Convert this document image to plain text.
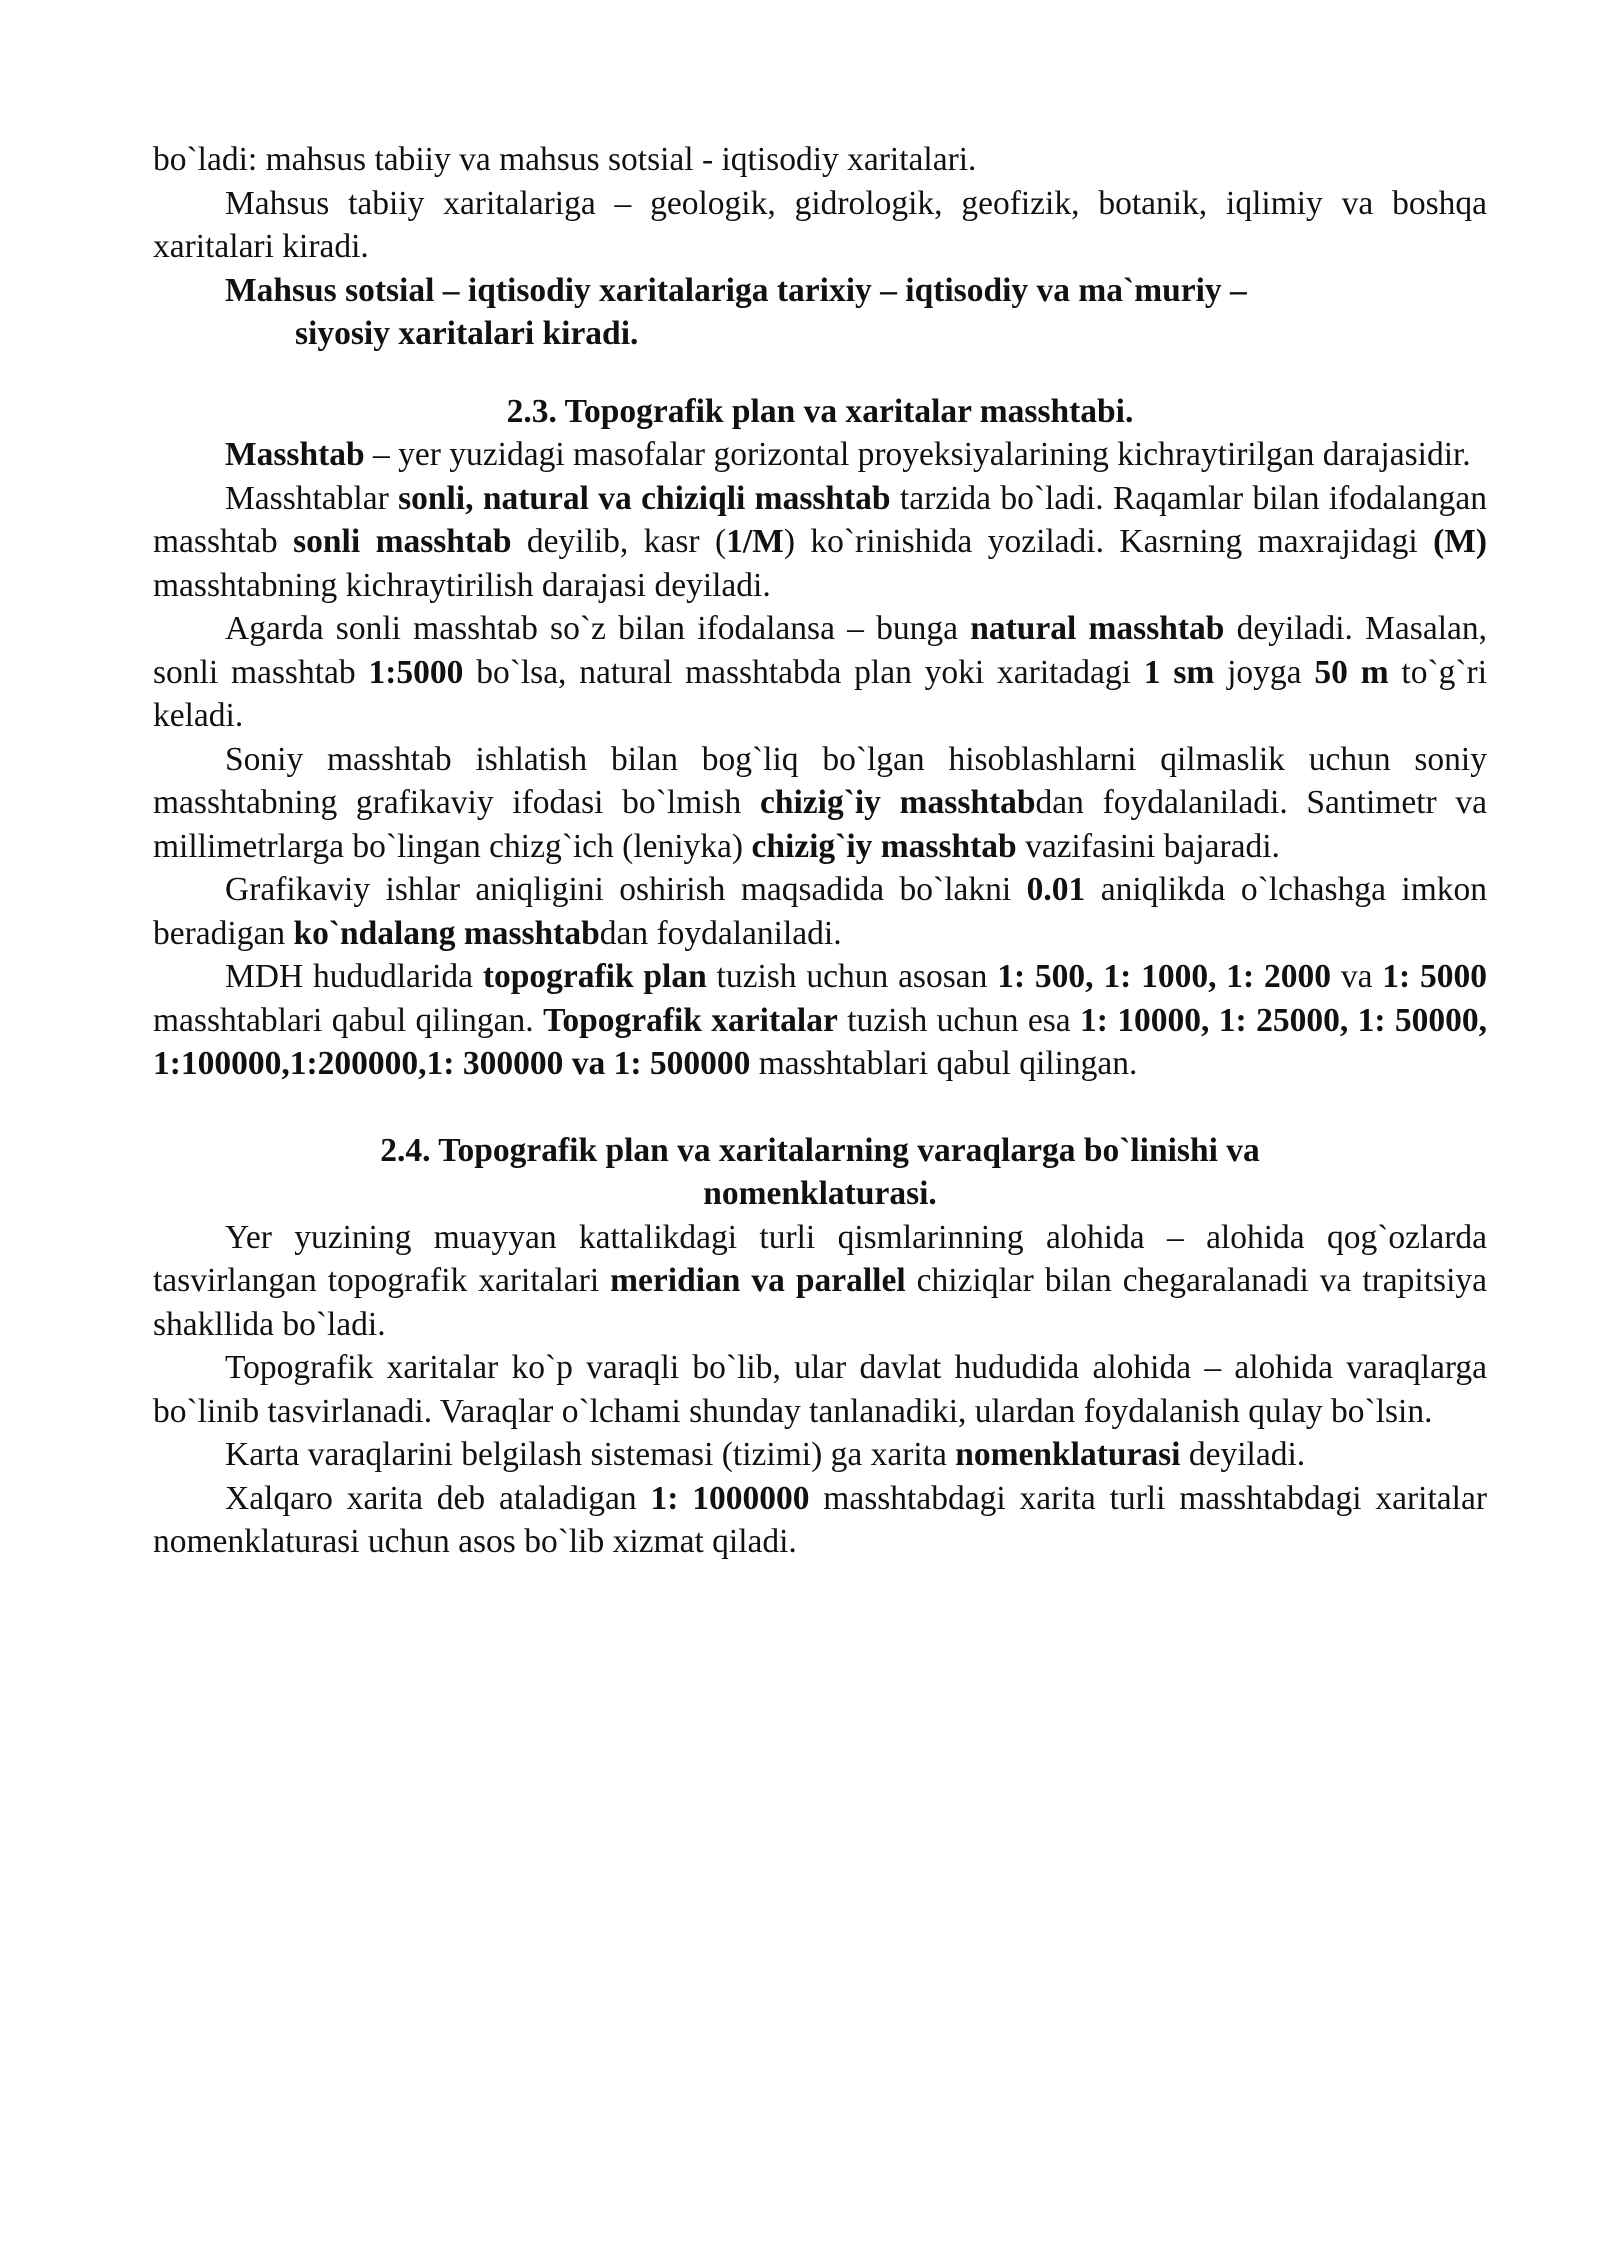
bo`ladi: mahsus tabiiy va mahsus sotsial - iqtisodiy xaritalari.

Mahsus tabiiy xaritalariga – geologik, gidrologik, geofizik, botanik, iqlimiy va boshqa xaritalari kiradi.

Mahsus sotsial – iqtisodiy xaritalariga tarixiy – iqtisodiy va ma`muriy –
siyosiy xaritalari kiradi.

2.3. Topografik plan va xaritalar masshtabi.

Masshtab – yer yuzidagi masofalar gorizontal proyeksiyalarining kichraytirilgan darajasidir.

Masshtablar sonli, natural va chiziqli masshtab tarzida bo`ladi. Raqamlar bilan ifodalangan masshtab sonli masshtab deyilib, kasr (1/M) ko`rinishida yoziladi. Kasrning maxrajidagi (M) masshtabning kichraytirilish darajasi deyiladi.

Agarda sonli masshtab so`z bilan ifodalansa – bunga natural masshtab deyiladi. Masalan, sonli masshtab 1:5000 bo`lsa, natural masshtabda plan yoki xaritadagi 1 sm joyga 50 m to`g`ri keladi.

Soniy masshtab ishlatish bilan bog`liq bo`lgan hisoblashlarni qilmaslik uchun soniy masshtabning grafikaviy ifodasi bo`lmish chizig`iy masshtabdan foydalaniladi. Santimetr va millimetrlarga bo`lingan chizg`ich (leniyka) chizig`iy masshtab vazifasini bajaradi.

Grafikaviy ishlar aniqligini oshirish maqsadida bo`lakni 0.01 aniqlikda o`lchashga imkon beradigan ko`ndalang masshtabdan foydalaniladi.

MDH hududlarida topografik plan tuzish uchun asosan 1: 500, 1: 1000, 1: 2000 va 1: 5000 masshtablari qabul qilingan. Topografik xaritalar tuzish uchun esa 1: 10000, 1: 25000, 1: 50000, 1:100000,1:200000,1: 300000 va 1: 500000 masshtablari qabul qilingan.

2.4. Topografik plan va xaritalarning varaqlarga bo`linishi va
nomenklaturasi.

Yer yuzining muayyan kattalikdagi turli qismlarinning alohida – alohida qog`ozlarda tasvirlangan topografik xaritalari meridian va parallel chiziqlar bilan chegaralanadi va trapitsiya shakllida bo`ladi.

Topografik xaritalar ko`p varaqli bo`lib, ular davlat hududida alohida – alohida varaqlarga bo`linib tasvirlanadi. Varaqlar o`lchami shunday tanlanadiki, ulardan foydalanish qulay bo`lsin.

Karta varaqlarini belgilash sistemasi (tizimi) ga xarita nomenklaturasi deyiladi.

Xalqaro xarita deb ataladigan 1: 1000000 masshtabdagi xarita turli masshtabdagi xaritalar nomenklaturasi uchun asos bo`lib xizmat qiladi.
